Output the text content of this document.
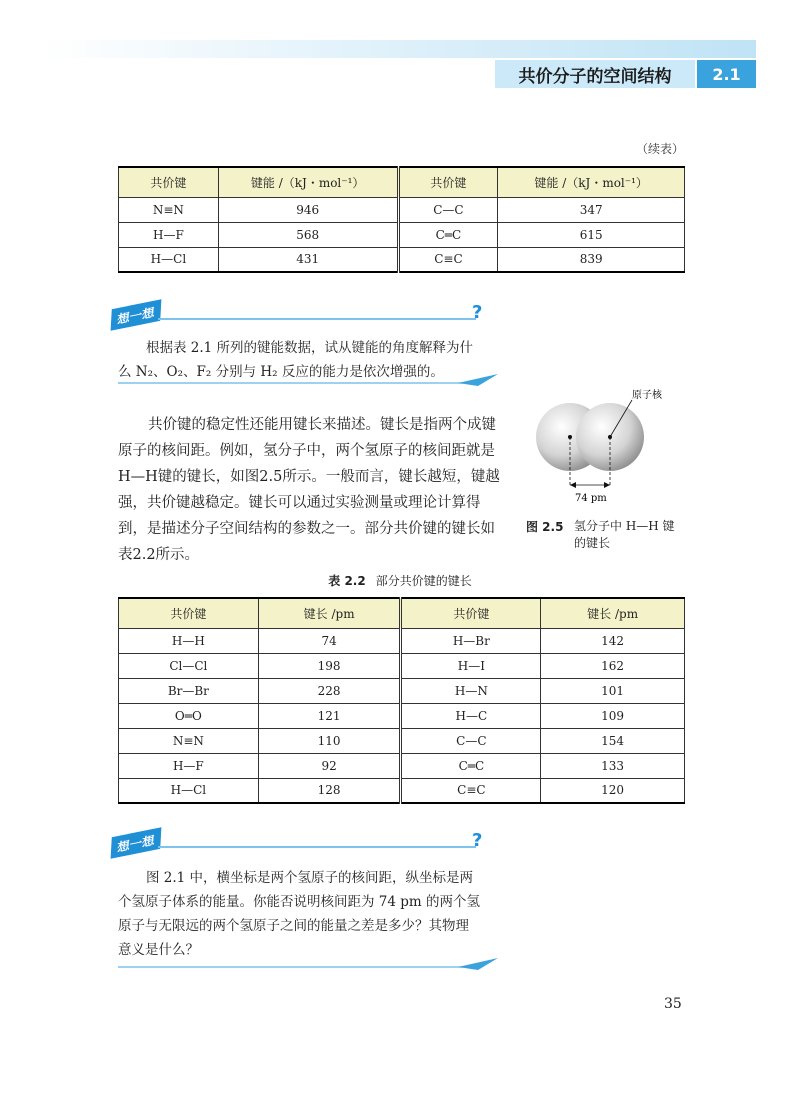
共价分子的空间结构	2.1
（续表）
共价键	键能 /（kJ・mol⁻¹）	共价键	键能 /（kJ・mol⁻¹）
N≡N	946	C—C	347
H—F	568	C═C	615
H—Cl	431	C≡C	839
想一想	?
根据表 2.1 所列的键能数据，试从键能的角度解释为什
么 N₂、O₂、F₂ 分别与 H₂ 反应的能力是依次增强的。

共价键的稳定性还能用键长来描述。键长是指两个成键原子的核间距。例如，氢分子中，两个氢原子的核间距就是H—H键的键长，如图2.5所示。一般而言，键长越短，键越强，共价键越稳定。键长可以通过实验测量或理论计算得到，是描述分子空间结构的参数之一。部分共价键的键长如表2.2所示。

原子核
74 pm
图 2.5 氢分子中 H—H 键的键长
表 2.2 部分共价键的键长
共价键	键长 /pm	共价键	键长 /pm
H—H	74	H—Br	142
Cl—Cl	198	H—I	162
Br—Br	228	H—N	101
O═O	121	H—C	109
N≡N	110	C—C	154
H—F	92	C═C	133
H—Cl	128	C≡C	120
想一想	?
图 2.1 中，横坐标是两个氢原子的核间距，纵坐标是两
个氢原子体系的能量。你能否说明核间距为 74 pm 的两个氢
原子与无限远的两个氢原子之间的能量之差是多少？其物理
意义是什么？
35
